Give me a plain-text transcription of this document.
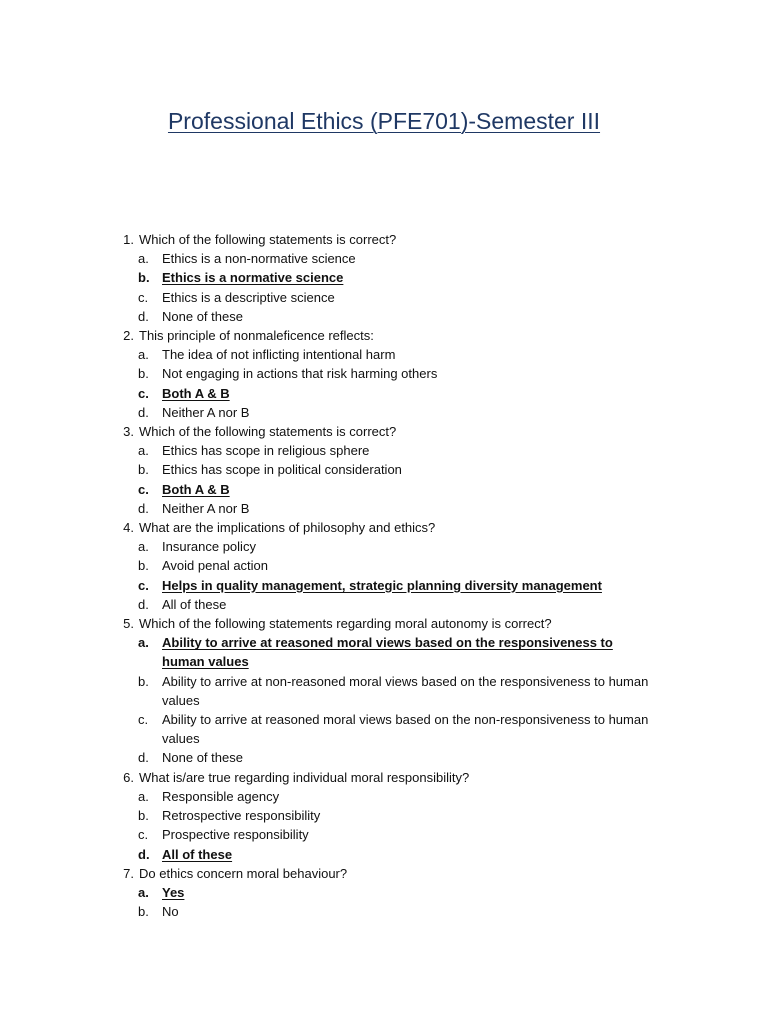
Professional Ethics (PFE701)-Semester III
1. Which of the following statements is correct?
a.	Ethics is a non-normative science
b. Ethics is a normative science
c.	Ethics is a descriptive science
d.	None of these
2. This principle of nonmaleficence reflects:
a.	The idea of not inflicting intentional harm
b.	Not engaging in actions that risk harming others
c.	Both A & B
d.	Neither A nor B
3. Which of the following statements is correct?
a.	Ethics has scope in religious sphere
b.	Ethics has scope in political consideration
c.	Both A & B
d.	Neither A nor B
4. What are the implications of philosophy and ethics?
a.	Insurance policy
b.	Avoid penal action
c.	Helps in quality management, strategic planning diversity management
d.	All of these
5. Which of the following statements regarding moral autonomy is correct?
a.	Ability to arrive at reasoned moral views based on the responsiveness to human values
b.	Ability to arrive at non-reasoned moral views based on the responsiveness to human values
c.	Ability to arrive at reasoned moral views based on the non-responsiveness to human values
d.	None of these
6. What is/are true regarding individual moral responsibility?
a.	Responsible agency
b.	Retrospective responsibility
c.	Prospective responsibility
d. All of these
7. Do ethics concern moral behaviour?
a.	Yes
b.	No
